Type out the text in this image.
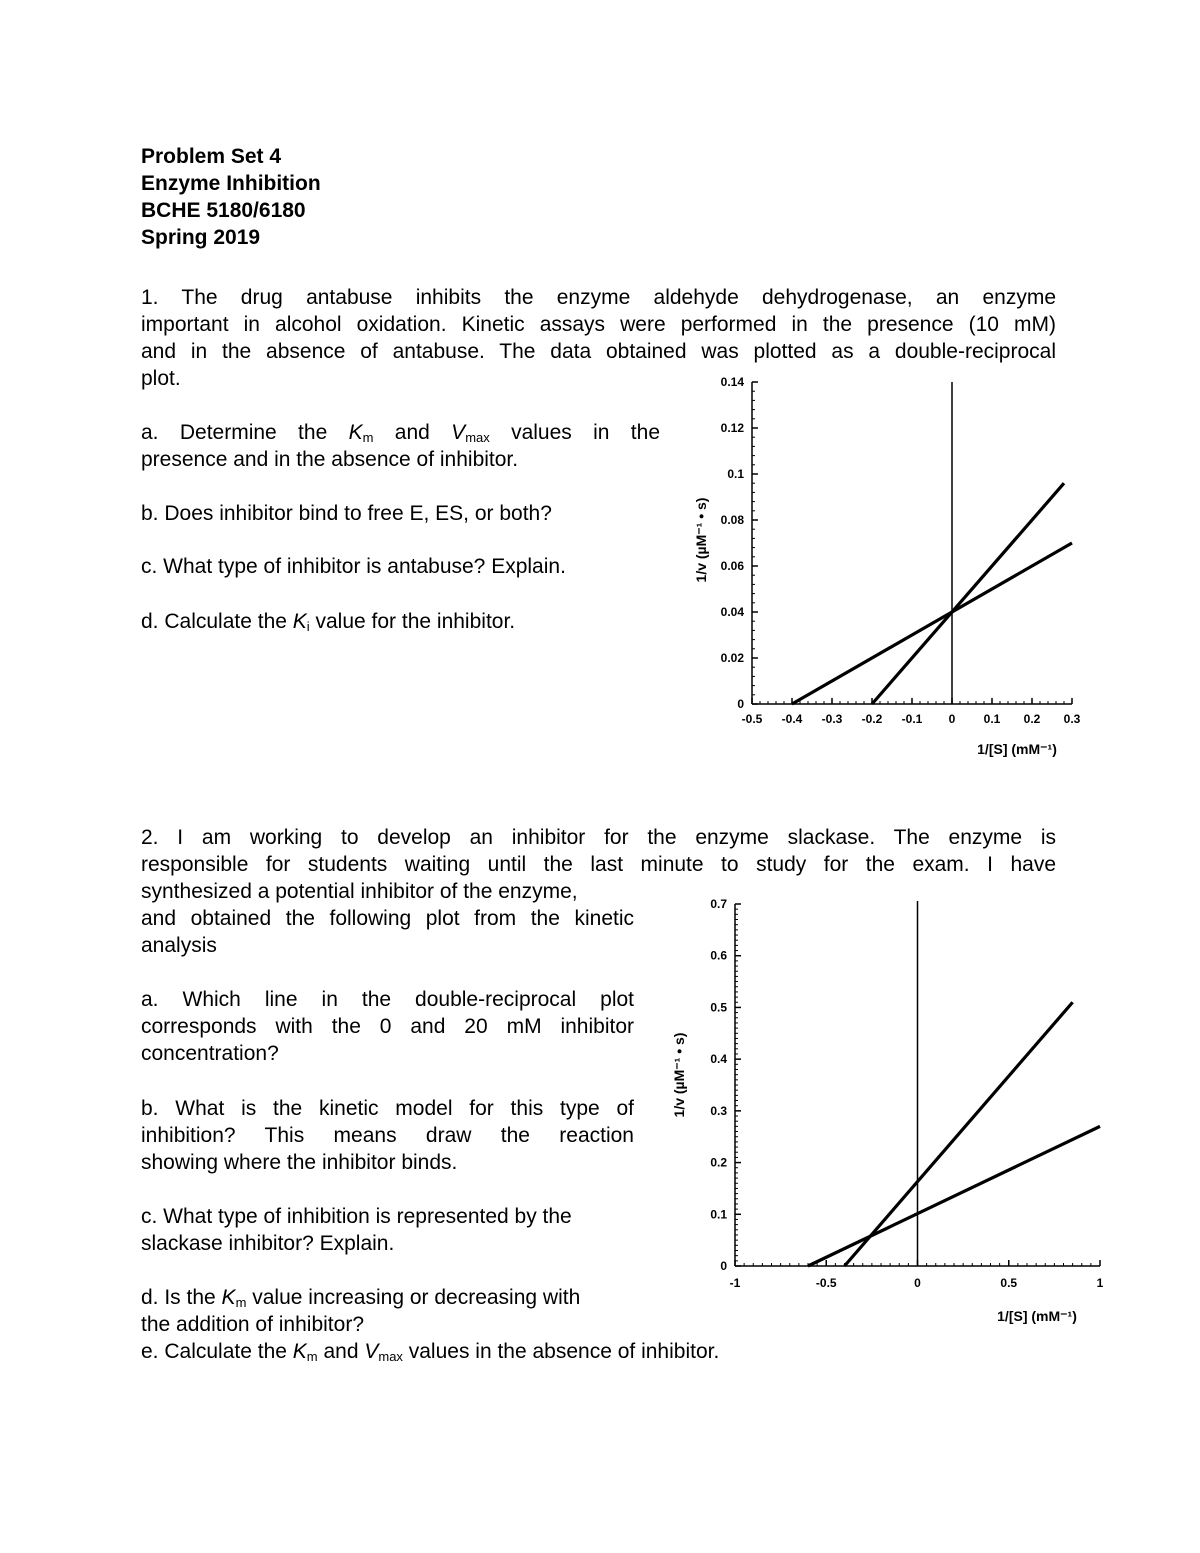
Problem Set 4
Enzyme Inhibition
BCHE 5180/6180
Spring 2019
1. The drug antabuse inhibits the enzyme aldehyde dehydrogenase, an enzyme
important in alcohol oxidation. Kinetic assays were performed in the presence (10 mM)
and in the absence of antabuse. The data obtained was plotted as a double-reciprocal
plot.
a. Determine the $K_m$ and $V_{max}$ values in the
presence and in the absence of inhibitor.
b. Does inhibitor bind to free E, ES, or both?
c. What type of inhibitor is antabuse? Explain.
d. Calculate the $K_i$ value for the inhibitor.
-0.5 -0.4 -0.3 -0.2 -0.1 0 0.1 0.2 0.3
0
0.02
0.04
0.06
0.08
0.1
0.12
0.14
1/[S] (mM⁻¹)
1/v (µM⁻¹ • s)
2. I am working to develop an inhibitor for the enzyme slackase. The enzyme is
responsible for students waiting until the last minute to study for the exam. I have
synthesized a potential inhibitor of the enzyme,
and obtained the following plot from the kinetic
analysis
a. Which line in the double-reciprocal plot
corresponds with the 0 and 20 mM inhibitor
concentration?
b. What is the kinetic model for this type of
inhibition? This means draw the reaction
showing where the inhibitor binds.
c. What type of inhibition is represented by the
slackase inhibitor? Explain.
d. Is the $K_m$ value increasing or decreasing with
the addition of inhibitor?
e. Calculate the $K_m$ and $V_{max}$ values in the absence of inhibitor.
-1	-0.5	0	0.5	1
0
0.1
0.2
0.3
0.4
0.5
0.6
0.7
1/[S] (mM⁻¹)
1/v (µM⁻¹ • s)
